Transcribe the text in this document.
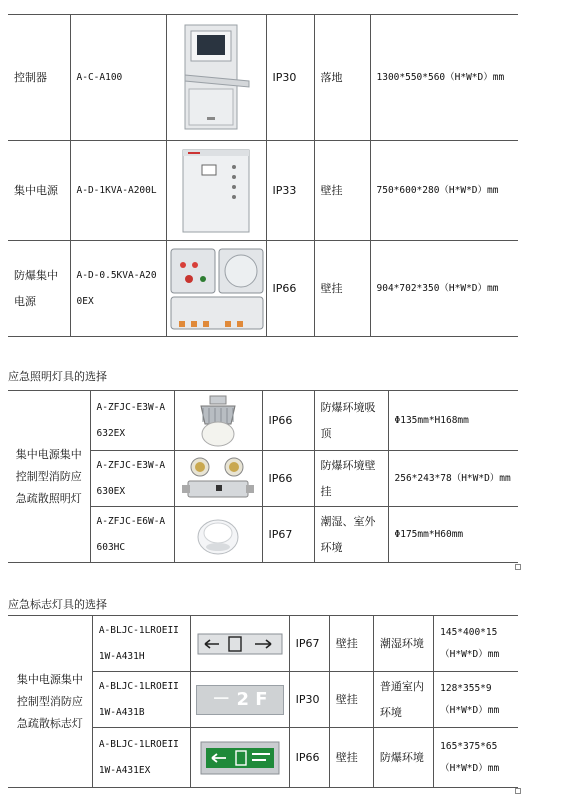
控制器	A-C-A100		IP30	落地	1300*550*560（H*W*D）mm
集中电源	A-D-1KVA-A200L		IP33	壁挂	750*600*280（H*W*D）mm
防爆集中电源	A-D-0.5KVA-A200EX		IP66	壁挂	904*702*350（H*W*D）mm
应急照明灯具的选择
集中电源集中控制型消防应急疏散照明灯	A-ZFJC-E3W-A632EX		IP66	防爆环境吸顶	Φ135mm*H168mm
	A-ZFJC-E3W-A630EX		IP66	防爆环境壁挂	256*243*78（H*W*D）mm
	A-ZFJC-E6W-A603HC		IP67	潮湿、室外环境	Φ175mm*H60mm
应急标志灯具的选择
集中电源集中控制型消防应急疏散标志灯	A-BLJC-1LROEII1W-A431H		IP67	壁挂	潮湿环境	145*400*15（H*W*D）mm
	A-BLJC-1LROEII1W-A431B	－ 2 F	IP30	壁挂	普通室内环境	128*355*9（H*W*D）mm
	A-BLJC-1LROEII1W-A431EX		IP66	壁挂	防爆环境	165*375*65（H*W*D）mm
